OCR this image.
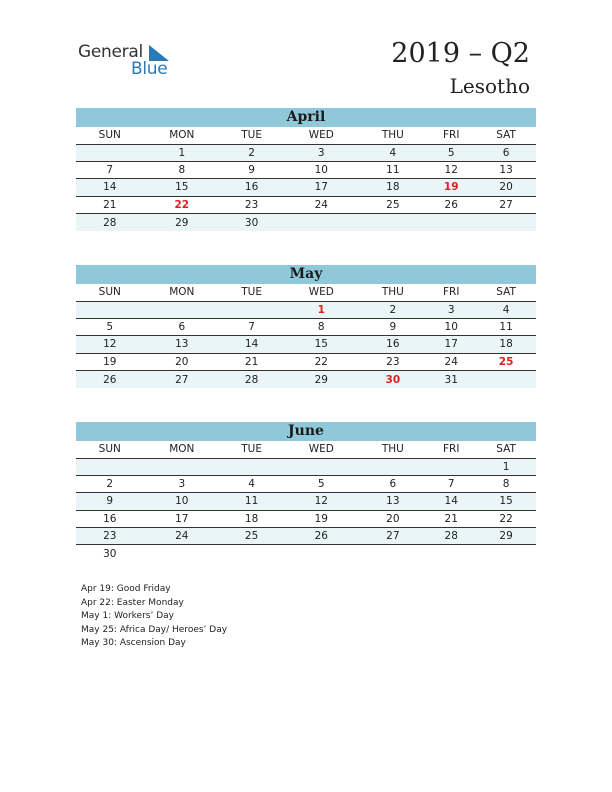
General
Blue	2019 – Q2
Lesotho
April
SUN	MON	TUE	WED	THU	FRI	SAT
	1	2	3	4	5	6
7	8	9	10	11	12	13
14	15	16	17	18	19	20
21	22	23	24	25	26	27
28	29	30				
May
SUN	MON	TUE	WED	THU	FRI	SAT
			1	2	3	4
5	6	7	8	9	10	11
12	13	14	15	16	17	18
19	20	21	22	23	24	25
26	27	28	29	30	31	
June
SUN	MON	TUE	WED	THU	FRI	SAT
						1
2	3	4	5	6	7	8
9	10	11	12	13	14	15
16	17	18	19	20	21	22
23	24	25	26	27	28	29
30						
Apr 19: Good Friday
Apr 22: Easter Monday
May 1: Workers’ Day
May 25: Africa Day/ Heroes’ Day
May 30: Ascension Day
